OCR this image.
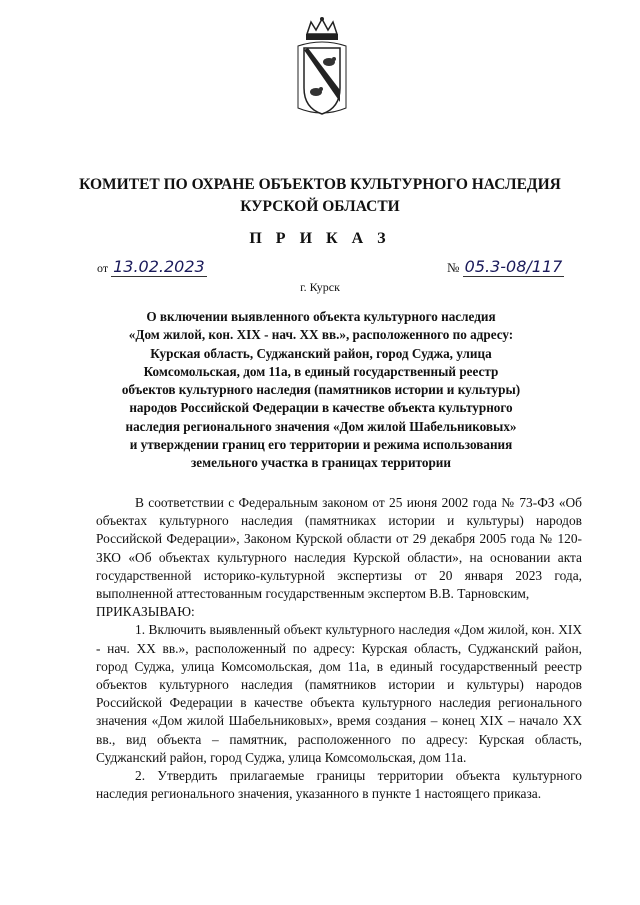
КОМИТЕТ ПО ОХРАНЕ ОБЪЕКТОВ КУЛЬТУРНОГО НАСЛЕДИЯ
КУРСКОЙ ОБЛАСТИ
П Р И К А З
от 13.02.2023	№ 05.3-08/117
г. Курск
О включении выявленного объекта культурного наследия
«Дом жилой, кон. XIX - нач. XX вв.», расположенного по адресу:
Курская область, Суджанский район, город Суджа, улица
Комсомольская, дом 11а, в единый государственный реестр
объектов культурного наследия (памятников истории и культуры)
народов Российской Федерации в качестве объекта культурного
наследия регионального значения «Дом жилой Шабельниковых»
и утверждении границ его территории и режима использования
земельного участка в границах территории

В соответствии с Федеральным законом от 25 июня 2002 года № 73-ФЗ «Об объектах культурного наследия (памятниках истории и культуры) народов Российской Федерации», Законом Курской области от 29 декабря 2005 года № 120-ЗКО «Об объектах культурного наследия Курской области», на основании акта государственной историко-культурной экспертизы от 20 января 2023 года, выполненной аттестованным государственным экспертом В.В. Тарновским,

ПРИКАЗЫВАЮ:

1. Включить выявленный объект культурного наследия «Дом жилой, кон. XIX - нач. XX вв.», расположенный по адресу: Курская область, Суджанский район, город Суджа, улица Комсомольская, дом 11а, в единый государственный реестр объектов культурного наследия (памятников истории и культуры) народов Российской Федерации в качестве объекта культурного наследия регионального значения «Дом жилой Шабельниковых», время создания – конец XIX – начало XX вв., вид объекта – памятник, расположенного по адресу: Курская область, Суджанский район, город Суджа, улица Комсомольская, дом 11а.

2. Утвердить прилагаемые границы территории объекта культурного наследия регионального значения, указанного в пункте 1 настоящего приказа.
